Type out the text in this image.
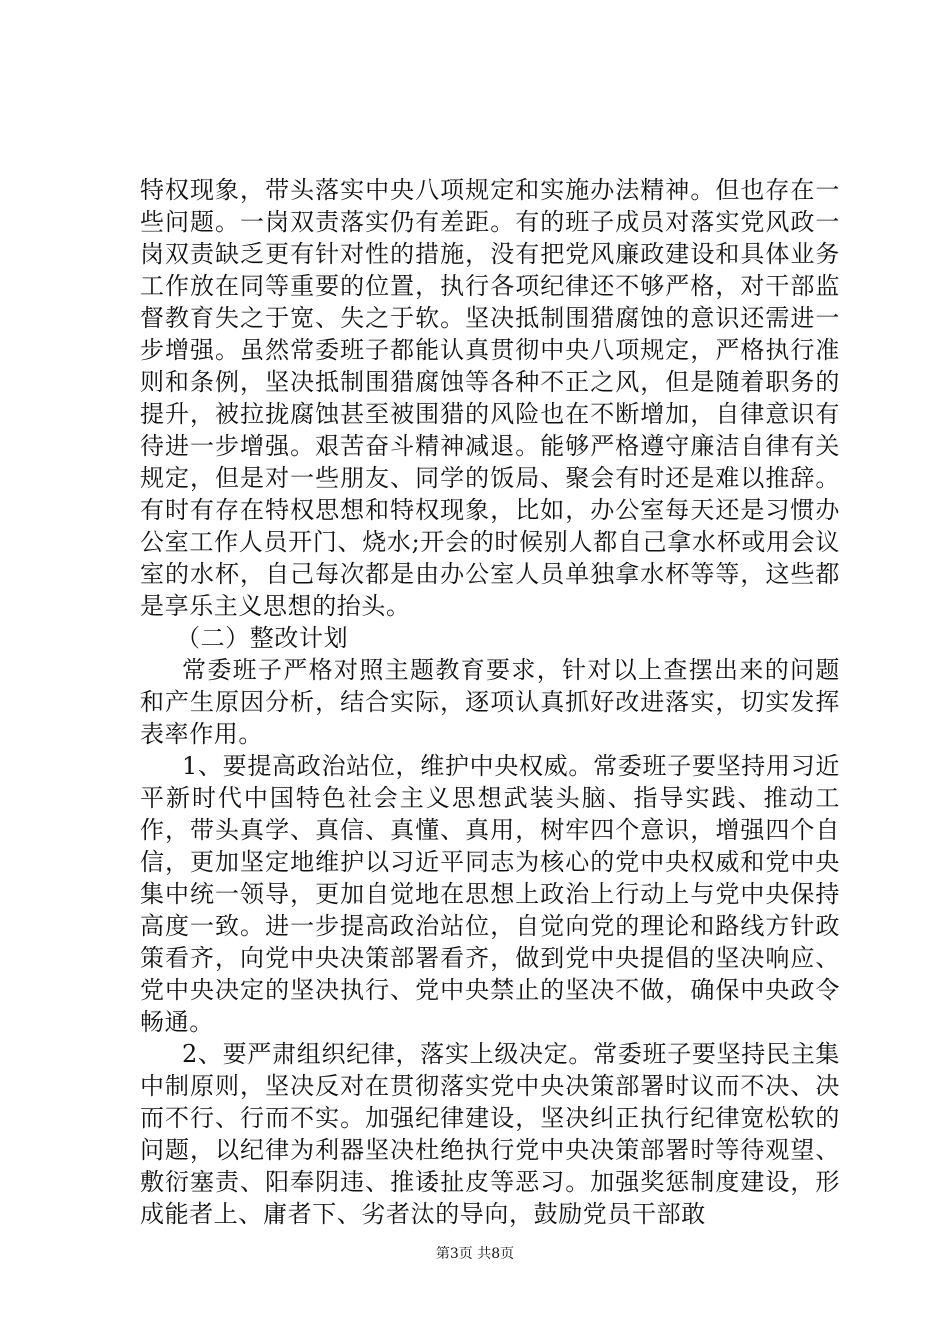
特权现象，带头落实中央八项规定和实施办法精神。但也存在一些问题。一岗双责落实仍有差距。有的班子成员对落实党风政一岗双责缺乏更有针对性的措施，没有把党风廉政建设和具体业务工作放在同等重要的位置，执行各项纪律还不够严格，对干部监督教育失之于宽、失之于软。坚决抵制围猎腐蚀的意识还需进一步增强。虽然常委班子都能认真贯彻中央八项规定，严格执行准则和条例，坚决抵制围猎腐蚀等各种不正之风，但是随着职务的提升，被拉拢腐蚀甚至被围猎的风险也在不断增加，自律意识有待进一步增强。艰苦奋斗精神减退。能够严格遵守廉洁自律有关规定，但是对一些朋友、同学的饭局、聚会有时还是难以推辞。有时有存在特权思想和特权现象，比如，办公室每天还是习惯办公室工作人员开门、烧水;开会的时候别人都自己拿水杯或用会议室的水杯，自己每次都是由办公室人员单独拿水杯等等，这些都是享乐主义思想的抬头。

（二）整改计划

常委班子严格对照主题教育要求，针对以上查摆出来的问题和产生原因分析，结合实际，逐项认真抓好改进落实，切实发挥表率作用。

1、要提高政治站位，维护中央权威。常委班子要坚持用习近平新时代中国特色社会主义思想武装头脑、指导实践、推动工作，带头真学、真信、真懂、真用，树牢四个意识，增强四个自信，更加坚定地维护以习近平同志为核心的党中央权威和党中央集中统一领导，更加自觉地在思想上政治上行动上与党中央保持高度一致。进一步提高政治站位，自觉向党的理论和路线方针政策看齐，向党中央决策部署看齐，做到党中央提倡的坚决响应、党中央决定的坚决执行、党中央禁止的坚决不做，确保中央政令畅通。

2、要严肃组织纪律，落实上级决定。常委班子要坚持民主集中制原则，坚决反对在贯彻落实党中央决策部署时议而不决、决而不行、行而不实。加强纪律建设，坚决纠正执行纪律宽松软的问题，以纪律为利器坚决杜绝执行党中央决策部署时等待观望、敷衍塞责、阳奉阴违、推诿扯皮等恶习。加强奖惩制度建设，形成能者上、庸者下、劣者汰的导向，鼓励党员干部敢

第3页 共8页
